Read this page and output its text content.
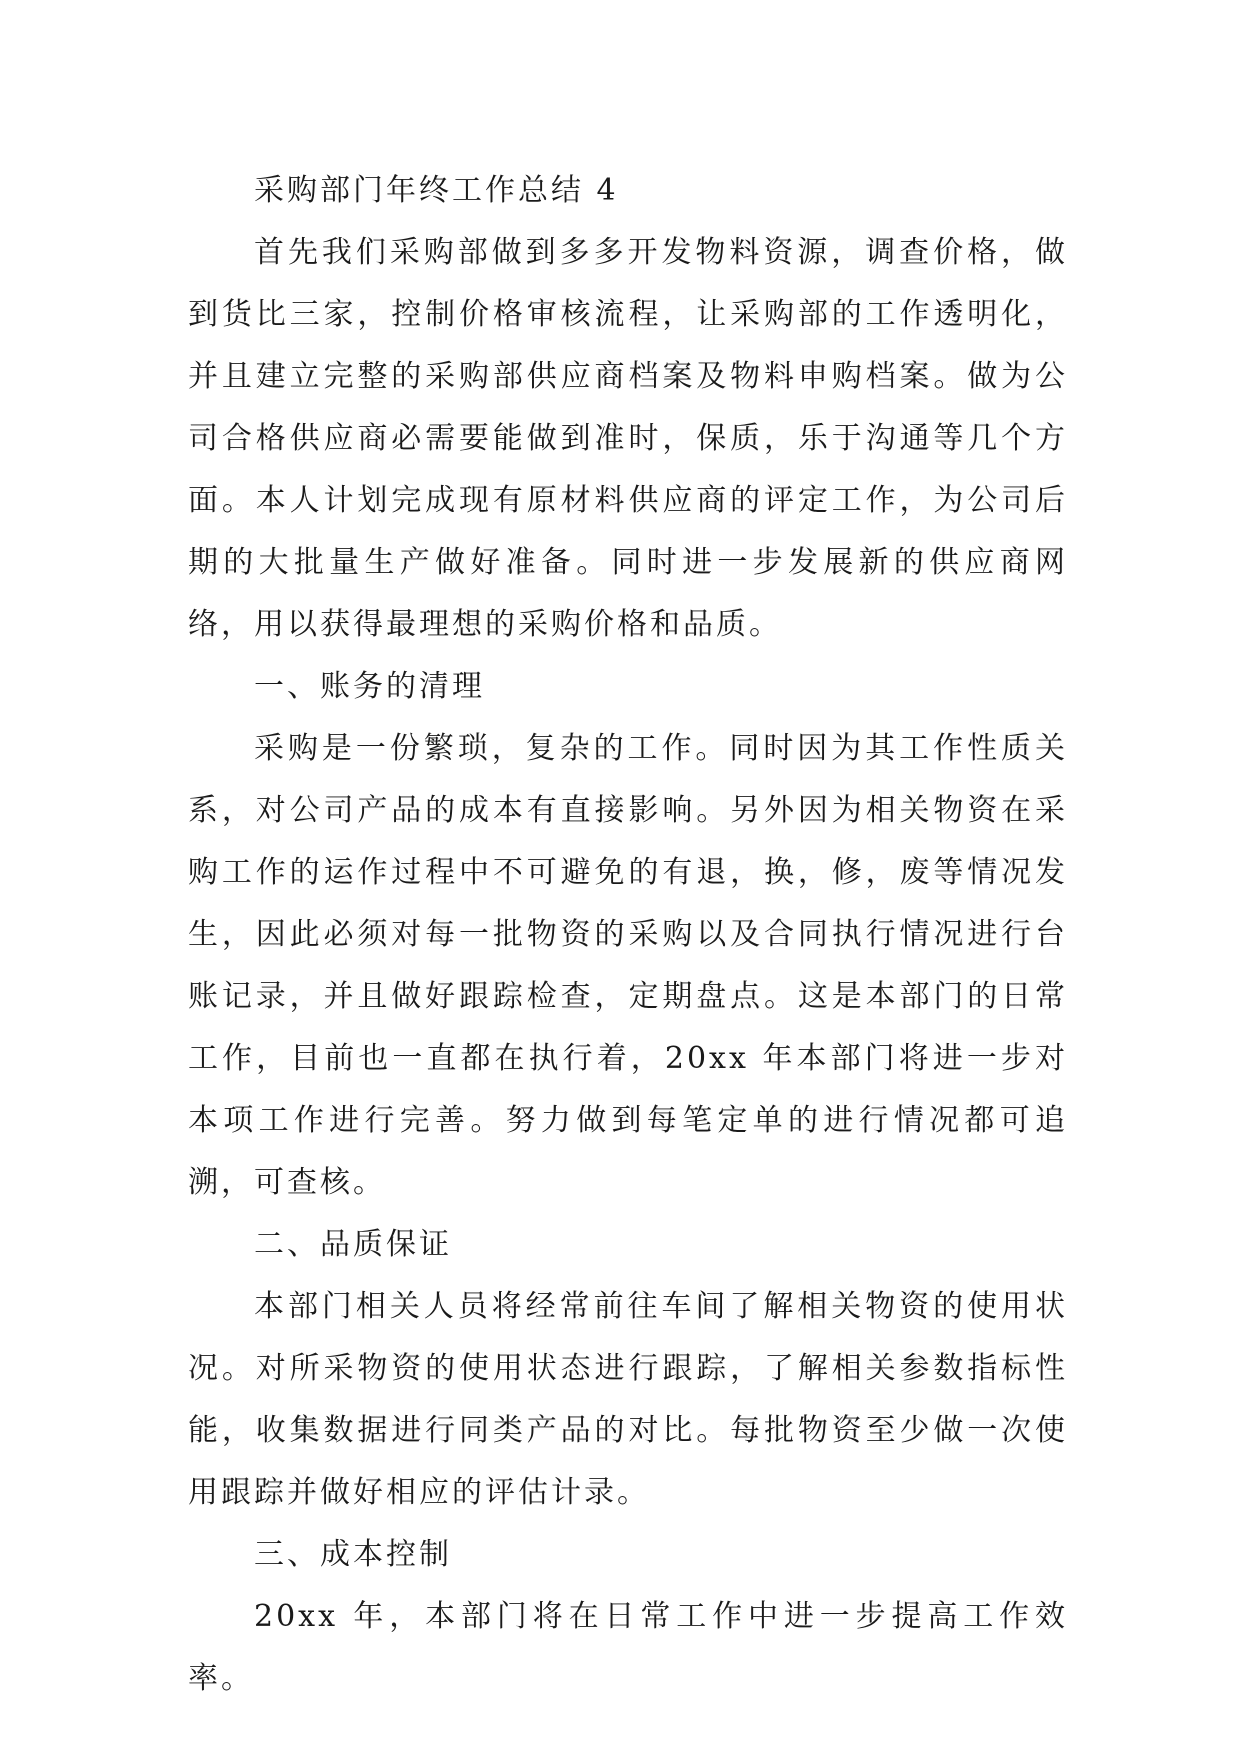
采购部门年终工作总结 4

首先我们采购部做到多多开发物料资源，调查价格，做到货比三家，控制价格审核流程，让采购部的工作透明化，并且建立完整的采购部供应商档案及物料申购档案。做为公司合格供应商必需要能做到准时，保质，乐于沟通等几个方面。本人计划完成现有原材料供应商的评定工作，为公司后期的大批量生产做好准备。同时进一步发展新的供应商网络，用以获得最理想的采购价格和品质。

一、账务的清理

采购是一份繁琐，复杂的工作。同时因为其工作性质关系，对公司产品的成本有直接影响。另外因为相关物资在采购工作的运作过程中不可避免的有退，换，修，废等情况发生，因此必须对每一批物资的采购以及合同执行情况进行台账记录，并且做好跟踪检查，定期盘点。这是本部门的日常工作，目前也一直都在执行着，20xx 年本部门将进一步对本项工作进行完善。努力做到每笔定单的进行情况都可追溯，可查核。

二、品质保证

本部门相关人员将经常前往车间了解相关物资的使用状况。对所采物资的使用状态进行跟踪，了解相关参数指标性能，收集数据进行同类产品的对比。每批物资至少做一次使用跟踪并做好相应的评估计录。

三、成本控制

20xx 年，本部门将在日常工作中进一步提高工作效率。
